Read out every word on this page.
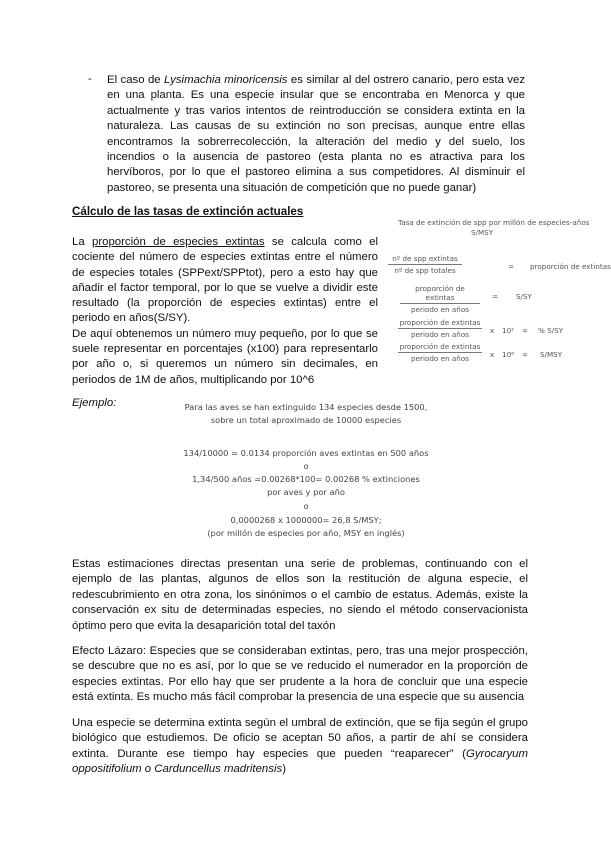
- El caso de Lysimachia minoricensis es similar al del ostrero canario, pero esta vez en una planta. Es una especie insular que se encontraba en Menorca y que actualmente y tras varios intentos de reintroducción se considera extinta en la naturaleza. Las causas de su extinción no son precisas, aunque entre ellas encontramos la sobrerrecolección, la alteración del medio y del suelo, los incendios o la ausencia de pastoreo (esta planta no es atractiva para los hervíboros, por lo que el pastoreo elimina a sus competidores. Al disminuir el pastoreo, se presenta una situación de competición que no puede ganar)
Cálculo de las tasas de extinción actuales
La proporción de especies extintas se calcula como el cociente del número de especies extintas entre el número de especies totales (SPPext/SPPtot), pero a esto hay que añadir el factor temporal, por lo que se vuelve a dividir este resultado (la proporción de especies extintas) entre el periodo en años(S/SY).
De aquí obtenemos un número muy pequeño, por lo que se suele representar en porcentajes (x100) para representarlo por año o, si queremos un número sin decimales, en periodos de 1M de años, multiplicando por 10^6
Tasa de extinción de spp por millón de especies-años
S/MSY
nº de spp extintas
nº de spp totales	= proporción de extintas
proporción de extintas
periodo en años
= S/SY
proporción de extintas
periodo en años	x 10² = % S/SY
proporción de extintas
periodo en años	x 10⁶ = S/MSY
Ejemplo:	Para las aves se han extinguido 134 especies desde 1500,
sobre un total aproximado de 10000 especies
134/10000 = 0.0134 proporción aves extintas en 500 años
o
1,34/500 años =0.00268*100= 0.00268 % extinciones
por aves y por año
o
0,0000268 x 1000000= 26,8 S/MSY;
(por millón de especies por año, MSY en inglés)
Estas estimaciones directas presentan una serie de problemas, continuando con el ejemplo de las plantas, algunos de ellos son la restitución de alguna especie, el redescubrimiento en otra zona, los sinónimos o el cambio de estatus. Además, existe la conservación ex situ de determinadas especies, no siendo el método conservacionista óptimo pero que evita la desaparición total del taxón
Efecto Lázaro: Especies que se consideraban extintas, pero, tras una mejor prospección, se descubre que no es así, por lo que se ve reducido el numerador en la proporción de especies extintas. Por ello hay que ser prudente a la hora de concluir que una especie está extinta. Es mucho más fácil comprobar la presencia de una especie que su ausencia
Una especie se determina extinta según el umbral de extinción, que se fija según el grupo biológico que estudiemos. De oficio se aceptan 50 años, a partir de ahí se considera extinta. Durante ese tiempo hay especies que pueden “reaparecer” (Gyrocaryum oppositifolium o Carduncellus madritensis)
